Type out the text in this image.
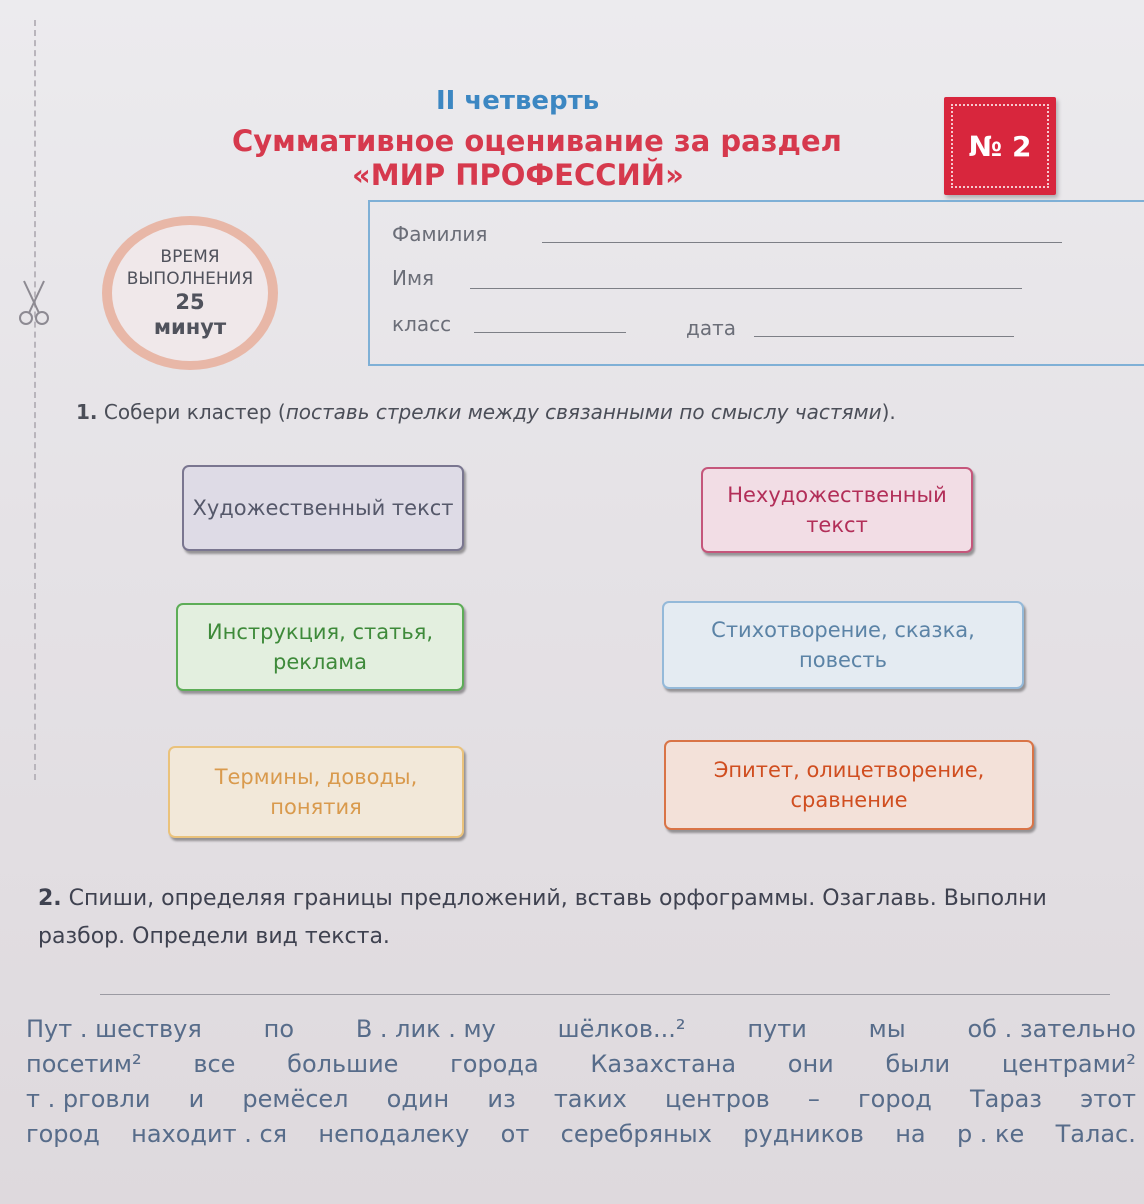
II четверть
Суммативное оценивание за раздел
«МИР ПРОФЕССИЙ»
№ 2
ВРЕМЯ
ВЫПОЛНЕНИЯ
25
минут
Фамилия
Имя
класс	дата
1. Собери кластер (поставь стрелки между связанными по смыслу частями).
Художественный текст
Нехудожественный текст
Инструкция, статья, реклама
Стихотворение, сказка, повесть
Термины, доводы, понятия
Эпитет, олицетворение, сравнение
2. Спиши, определяя границы предложений, вставь орфограммы. Озаглавь. Выполни разбор. Определи вид текста.
Пут . шествуя	по	В . лик . му	шёлков...²	пути	мы	об . зательно
посетим² все большие города Казахстана они были центрами²
т . рговли и ремёсел один из таких центров – город Тараз этот
город находит . ся неподалеку от серебряных рудников на р . ке Талас.
